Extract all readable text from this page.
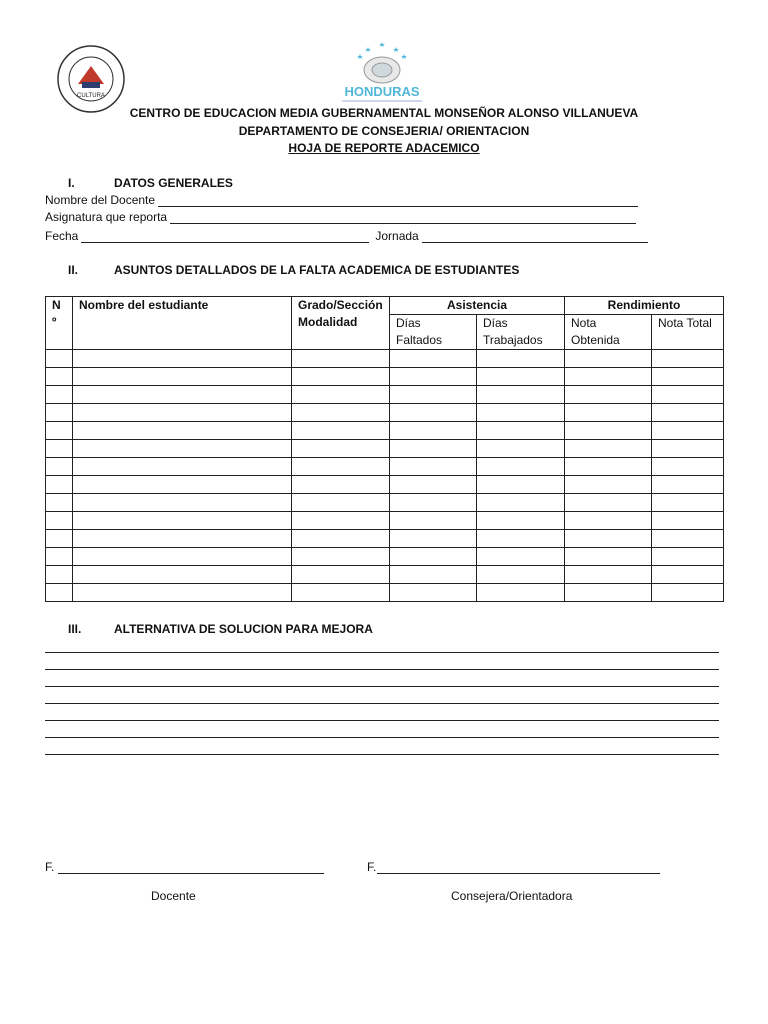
CULTURA	HONDURAS
CENTRO DE EDUCACION MEDIA GUBERNAMENTAL MONSEÑOR ALONSO VILLANUEVA
DEPARTAMENTO DE CONSEJERIA/ ORIENTACION
HOJA DE REPORTE ADACEMICO
I.	DATOS GENERALES
Nombre del Docente
Asignatura que reporta
Fecha	Jornada
II.	ASUNTOS DETALLADOS DE LA FALTA ACADEMICA DE ESTUDIANTES
N º	Nombre del estudiante	Grado/Sección Modalidad	Asistencia		Rendimiento	
			Días Faltados	Días Trabajados	Nota Obtenida	Nota Total

III.	ALTERNATIVA DE SOLUCION PARA MEJORA
F.	F.
Docente	Consejera/Orientadora
